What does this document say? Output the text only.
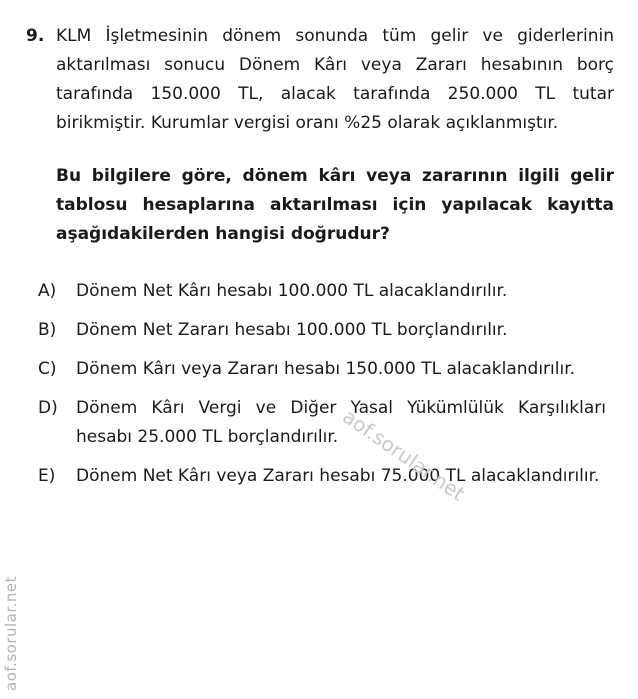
aof.sorular.net
9. KLM İşletmesinin dönem sonunda tüm gelir ve giderlerinin aktarılması sonucu Dönem Kârı veya Zararı hesabının borç tarafında 150.000 TL, alacak tarafında 250.000 TL tutar birikmiştir. Kurumlar vergisi oranı %25 olarak açıklanmıştır.
Bu bilgilere göre, dönem kârı veya zararının ilgili gelir tablosu hesaplarına aktarılması için yapılacak kayıtta aşağıdakilerden hangisi doğrudur?
A)	Dönem Net Kârı hesabı 100.000 TL alacaklandırılır.
B)	Dönem Net Zararı hesabı 100.000 TL borçlandırılır.
C)	Dönem Kârı veya Zararı hesabı 150.000 TL alacaklandırılır.
D)	Dönem Kârı Vergi ve Diğer Yasal Yükümlülük Karşılıkları hesabı 25.000 TL borçlandırılır.
E)	Dönem Net Kârı veya Zararı hesabı 75.000 TL alacaklandırılır.
aof.sorular.net
